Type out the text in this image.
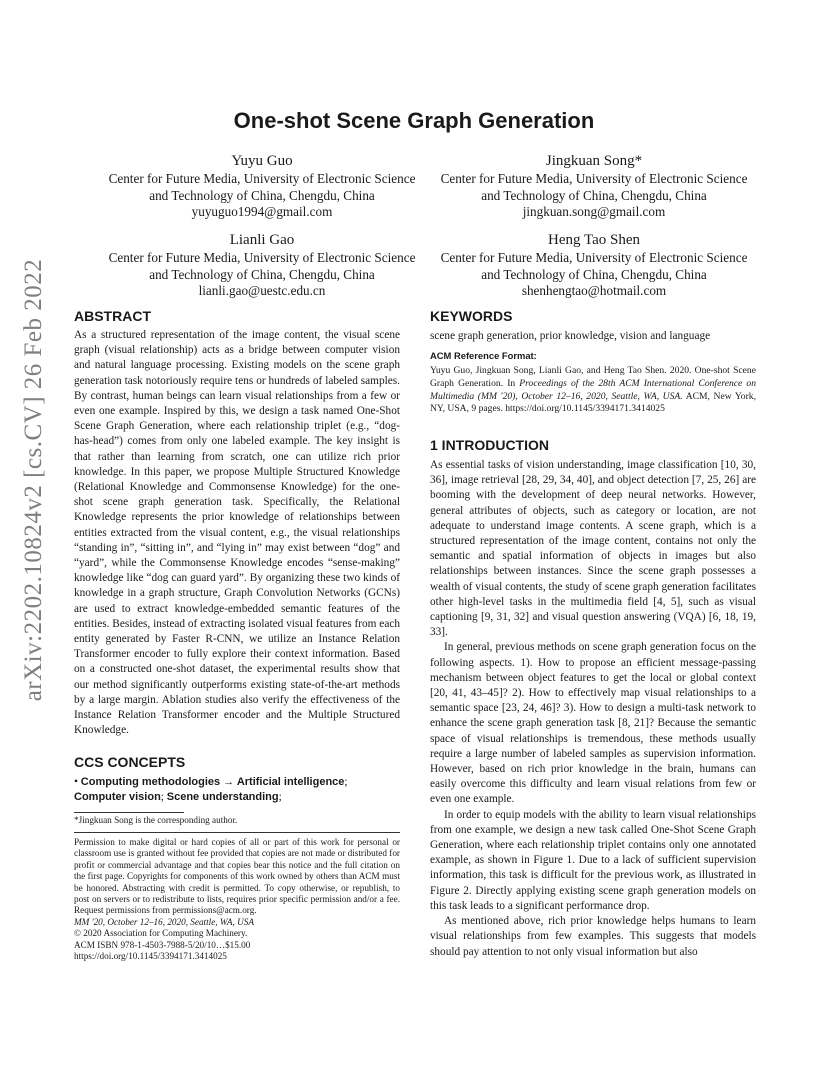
arXiv:2202.10824v2 [cs.CV] 26 Feb 2022
One-shot Scene Graph Generation
Yuyu Guo
Center for Future Media, University of Electronic Science
and Technology of China, Chengdu, China
yuyuguo1994@gmail.com
Jingkuan Song*
Center for Future Media, University of Electronic Science
and Technology of China, Chengdu, China
jingkuan.song@gmail.com
Lianli Gao
Center for Future Media, University of Electronic Science
and Technology of China, Chengdu, China
lianli.gao@uestc.edu.cn
Heng Tao Shen
Center for Future Media, University of Electronic Science
and Technology of China, Chengdu, China
shenhengtao@hotmail.com
ABSTRACT

As a structured representation of the image content, the visual scene graph (visual relationship) acts as a bridge between computer vision and natural language processing. Existing models on the scene graph generation task notoriously require tens or hundreds of labeled samples. By contrast, human beings can learn visual relationships from a few or even one example. Inspired by this, we design a task named One-Shot Scene Graph Generation, where each relationship triplet (e.g., “dog-has-head”) comes from only one labeled example. The key insight is that rather than learning from scratch, one can utilize rich prior knowledge. In this paper, we propose Multiple Structured Knowledge (Relational Knowledge and Commonsense Knowledge) for the one-shot scene graph generation task. Specifically, the Relational Knowledge represents the prior knowledge of relationships between entities extracted from the visual content, e.g., the visual relationships “standing in”, “sitting in”, and “lying in” may exist between “dog” and “yard”, while the Commonsense Knowledge encodes “sense-making” knowledge like “dog can guard yard”. By organizing these two kinds of knowledge in a graph structure, Graph Convolution Networks (GCNs) are used to extract knowledge-embedded semantic features of the entities. Besides, instead of extracting isolated visual features from each entity generated by Faster R-CNN, we utilize an Instance Relation Transformer encoder to fully explore their context information. Based on a constructed one-shot dataset, the experimental results show that our method significantly outperforms existing state-of-the-art methods by a large margin. Ablation studies also verify the effectiveness of the Instance Relation Transformer encoder and the Multiple Structured Knowledge.

CCS CONCEPTS

• Computing methodologies → Artificial intelligence; Computer vision; Scene understanding;

*Jingkuan Song is the corresponding author.

Permission to make digital or hard copies of all or part of this work for personal or classroom use is granted without fee provided that copies are not made or distributed for profit or commercial advantage and that copies bear this notice and the full citation on the first page. Copyrights for components of this work owned by others than ACM must be honored. Abstracting with credit is permitted. To copy otherwise, or republish, to post on servers or to redistribute to lists, requires prior specific permission and/or a fee. Request permissions from permissions@acm.org.

MM '20, October 12–16, 2020, Seattle, WA, USA

© 2020 Association for Computing Machinery.

ACM ISBN 978-1-4503-7988-5/20/10…$15.00

https://doi.org/10.1145/3394171.3414025

KEYWORDS

scene graph generation, prior knowledge, vision and language

ACM Reference Format:

Yuyu Guo, Jingkuan Song, Lianli Gao, and Heng Tao Shen. 2020. One-shot Scene Graph Generation. In Proceedings of the 28th ACM International Conference on Multimedia (MM '20), October 12–16, 2020, Seattle, WA, USA. ACM, New York, NY, USA, 9 pages. https://doi.org/10.1145/3394171.3414025

1 INTRODUCTION

As essential tasks of vision understanding, image classification [10, 30, 36], image retrieval [28, 29, 34, 40], and object detection [7, 25, 26] are booming with the development of deep neural networks. However, general attributes of objects, such as category or location, are not adequate to understand image contents. A scene graph, which is a structured representation of the image content, contains not only the semantic and spatial information of objects in images but also relationships between instances. Since the scene graph possesses a wealth of visual contents, the study of scene graph generation facilitates other high-level tasks in the multimedia field [4, 5], such as visual captioning [9, 31, 32] and visual question answering (VQA) [6, 18, 19, 33].

In general, previous methods on scene graph generation focus on the following aspects. 1). How to propose an efficient message-passing mechanism between object features to get the local or global context [20, 41, 43–45]? 2). How to effectively map visual relationships to a semantic space [23, 24, 46]? 3). How to design a multi-task network to enhance the scene graph generation task [8, 21]? Because the semantic space of visual relationships is tremendous, these methods usually require a large number of labeled samples as supervision information. However, based on rich prior knowledge in the brain, humans can easily overcome this difficulty and learn visual relations from few or even one example.

In order to equip models with the ability to learn visual relationships from one example, we design a new task called One-Shot Scene Graph Generation, where each relationship triplet contains only one annotated example, as shown in Figure 1. Due to a lack of sufficient supervision information, this task is difficult for the previous work, as illustrated in Figure 2. Directly applying existing scene graph generation models on this task leads to a significant performance drop.

As mentioned above, rich prior knowledge helps humans to learn visual relationships from few examples. This suggests that models should pay attention to not only visual information but also
